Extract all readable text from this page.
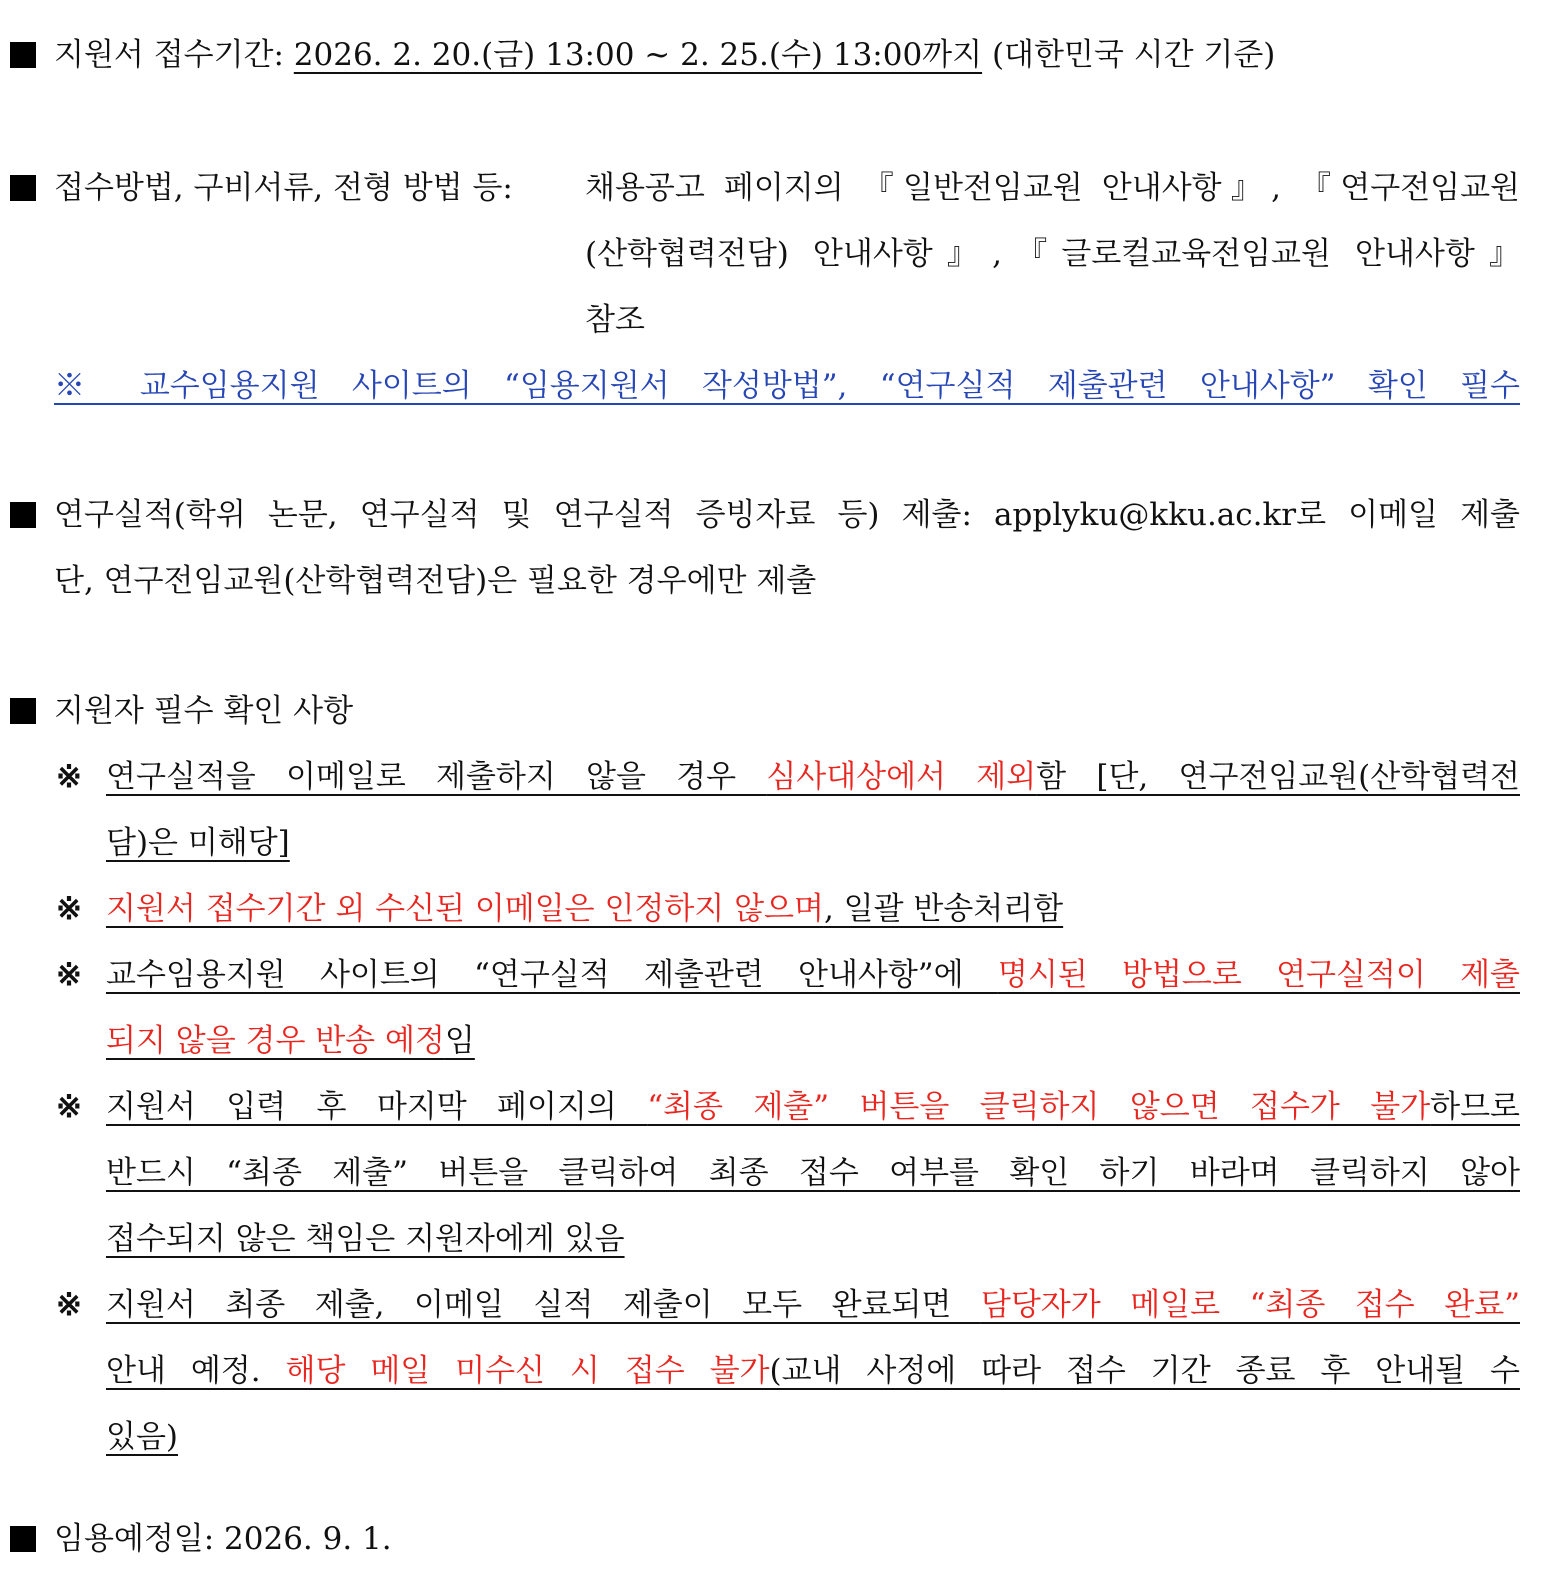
지원서 접수기간: 2026. 2. 20.(금) 13:00 ~ 2. 25.(수) 13:00까지 (대한민국 시간 기준)
접수방법, 구비서류, 전형 방법 등:	채용공고 페이지의 『일반전임교원 안내사항』, 『연구전임교원
(산학협력전담) 안내사항』,『글로컬교육전임교원 안내사항』
참조
※ 교수임용지원 사이트의 “임용지원서 작성방법”, “연구실적 제출관련 안내사항” 확인 필수
연구실적(학위 논문, 연구실적 및 연구실적 증빙자료 등) 제출: applyku@kku.ac.kr로 이메일 제출
단, 연구전임교원(산학협력전담)은 필요한 경우에만 제출
지원자 필수 확인 사항
※ 연구실적을 이메일로 제출하지 않을 경우 심사대상에서 제외함 [단, 연구전임교원(산학협력전
담)은 미해당]
※ 지원서 접수기간 외 수신된 이메일은 인정하지 않으며, 일괄 반송처리함
※ 교수임용지원 사이트의 “연구실적 제출관련 안내사항”에 명시된 방법으로 연구실적이 제출
되지 않을 경우 반송 예정임
※ 지원서 입력 후 마지막 페이지의 “최종 제출” 버튼을 클릭하지 않으면 접수가 불가하므로
반드시 “최종 제출” 버튼을 클릭하여 최종 접수 여부를 확인 하기 바라며 클릭하지 않아
접수되지 않은 책임은 지원자에게 있음
※ 지원서 최종 제출, 이메일 실적 제출이 모두 완료되면 담당자가 메일로 “최종 접수 완료”
안내 예정. 해당 메일 미수신 시 접수 불가(교내 사정에 따라 접수 기간 종료 후 안내될 수
있음)
임용예정일: 2026. 9. 1.
